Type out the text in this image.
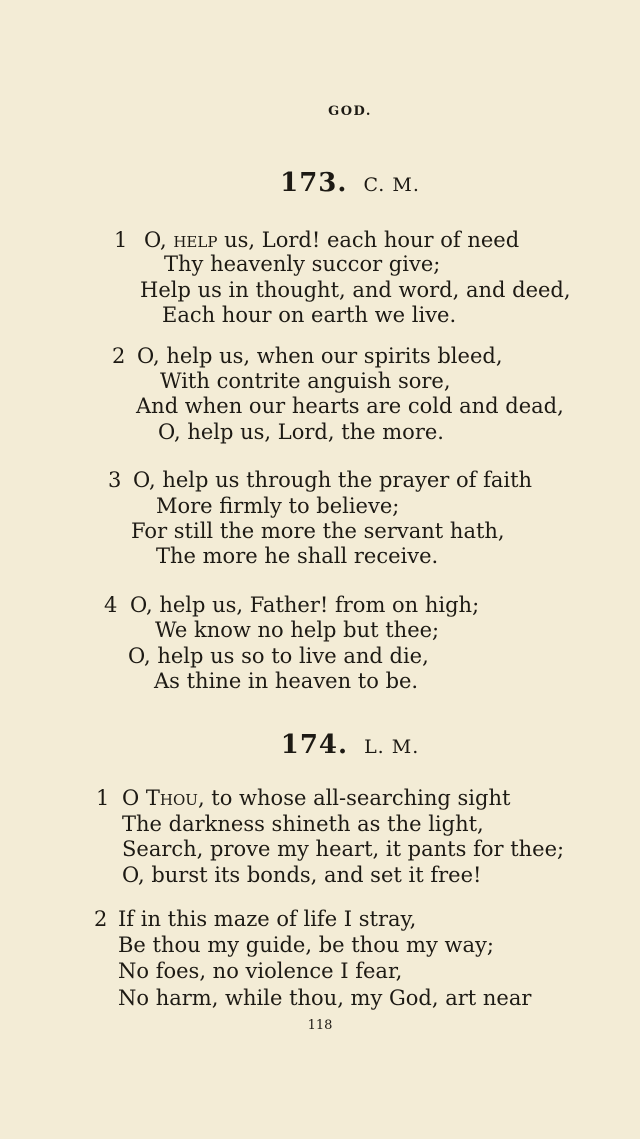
GOD.
173. C. M.
1 O, help us, Lord! each hour of need
Thy heavenly succor give;
Help us in thought, and word, and deed,
Each hour on earth we live.
2 O, help us, when our spirits bleed,
With contrite anguish sore,
And when our hearts are cold and dead,
O, help us, Lord, the more.
3 O, help us through the prayer of faith
More firmly to believe;
For still the more the servant hath,
The more he shall receive.
4 O, help us, Father! from on high;
We know no help but thee;
O, help us so to live and die,
As thine in heaven to be.
174. L. M.
1 O Thou, to whose all-searching sight
The darkness shineth as the light,
Search, prove my heart, it pants for thee;
O, burst its bonds, and set it free!
2 If in this maze of life I stray,
Be thou my guide, be thou my way;
No foes, no violence I fear,
No harm, while thou, my God, art near
118
